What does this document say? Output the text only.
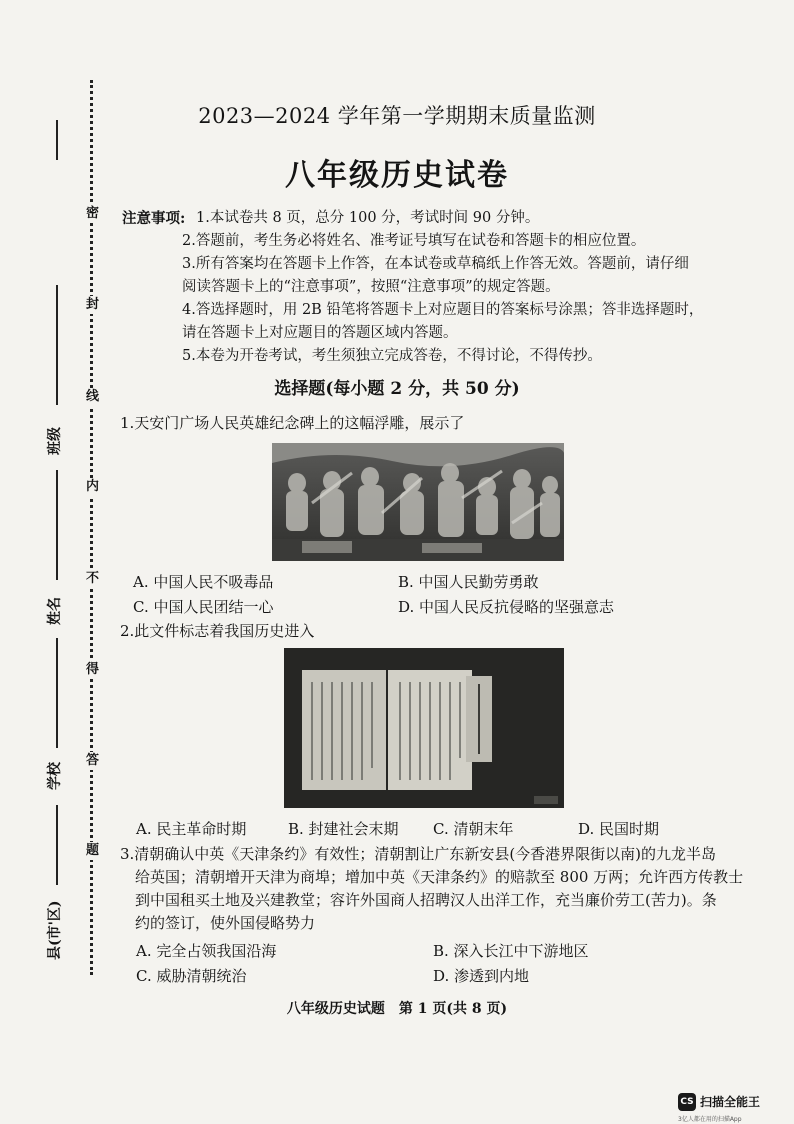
密
封
线
内
不
得
答
题
班级
姓名
学校
县(市'区)
2023—2024 学年第一学期期末质量监测
八年级历史试卷
注意事项: 1.本试卷共 8 页，总分 100 分，考试时间 90 分钟。
2.答题前，考生务必将姓名、准考证号填写在试卷和答题卡的相应位置。
3.所有答案均在答题卡上作答，在本试卷或草稿纸上作答无效。答题前，请仔细
阅读答题卡上的“注意事项”，按照“注意事项”的规定答题。
4.答选择题时，用 2B 铅笔将答题卡上对应题目的答案标号涂黑；答非选择题时，
请在答题卡上对应题目的答题区域内答题。
5.本卷为开卷考试，考生须独立完成答卷，不得讨论，不得传抄。
选择题(每小题 2 分，共 50 分)
1.天安门广场人民英雄纪念碑上的这幅浮雕，展示了
A. 中国人民不吸毒品	B. 中国人民勤劳勇敢
C. 中国人民团结一心	D. 中国人民反抗侵略的坚强意志
2.此文件标志着我国历史进入
A. 民主革命时期	B. 封建社会末期 C. 清朝末年	D. 民国时期
3.清朝确认中英《天津条约》有效性；清朝割让广东新安县(今香港界限街以南)的九龙半岛
给英国；清朝增开天津为商埠；增加中英《天津条约》的赔款至 800 万两；允许西方传教士
到中国租买土地及兴建教堂；容许外国商人招聘汉人出洋工作，充当廉价劳工(苦力)。条
约的签订，使外国侵略势力
A. 完全占领我国沿海	B. 深入长江中下游地区
C. 威胁清朝统治	D. 渗透到内地
八年级历史试题　第 1 页(共 8 页)
CS 扫描全能王
3亿人都在用的扫描App
